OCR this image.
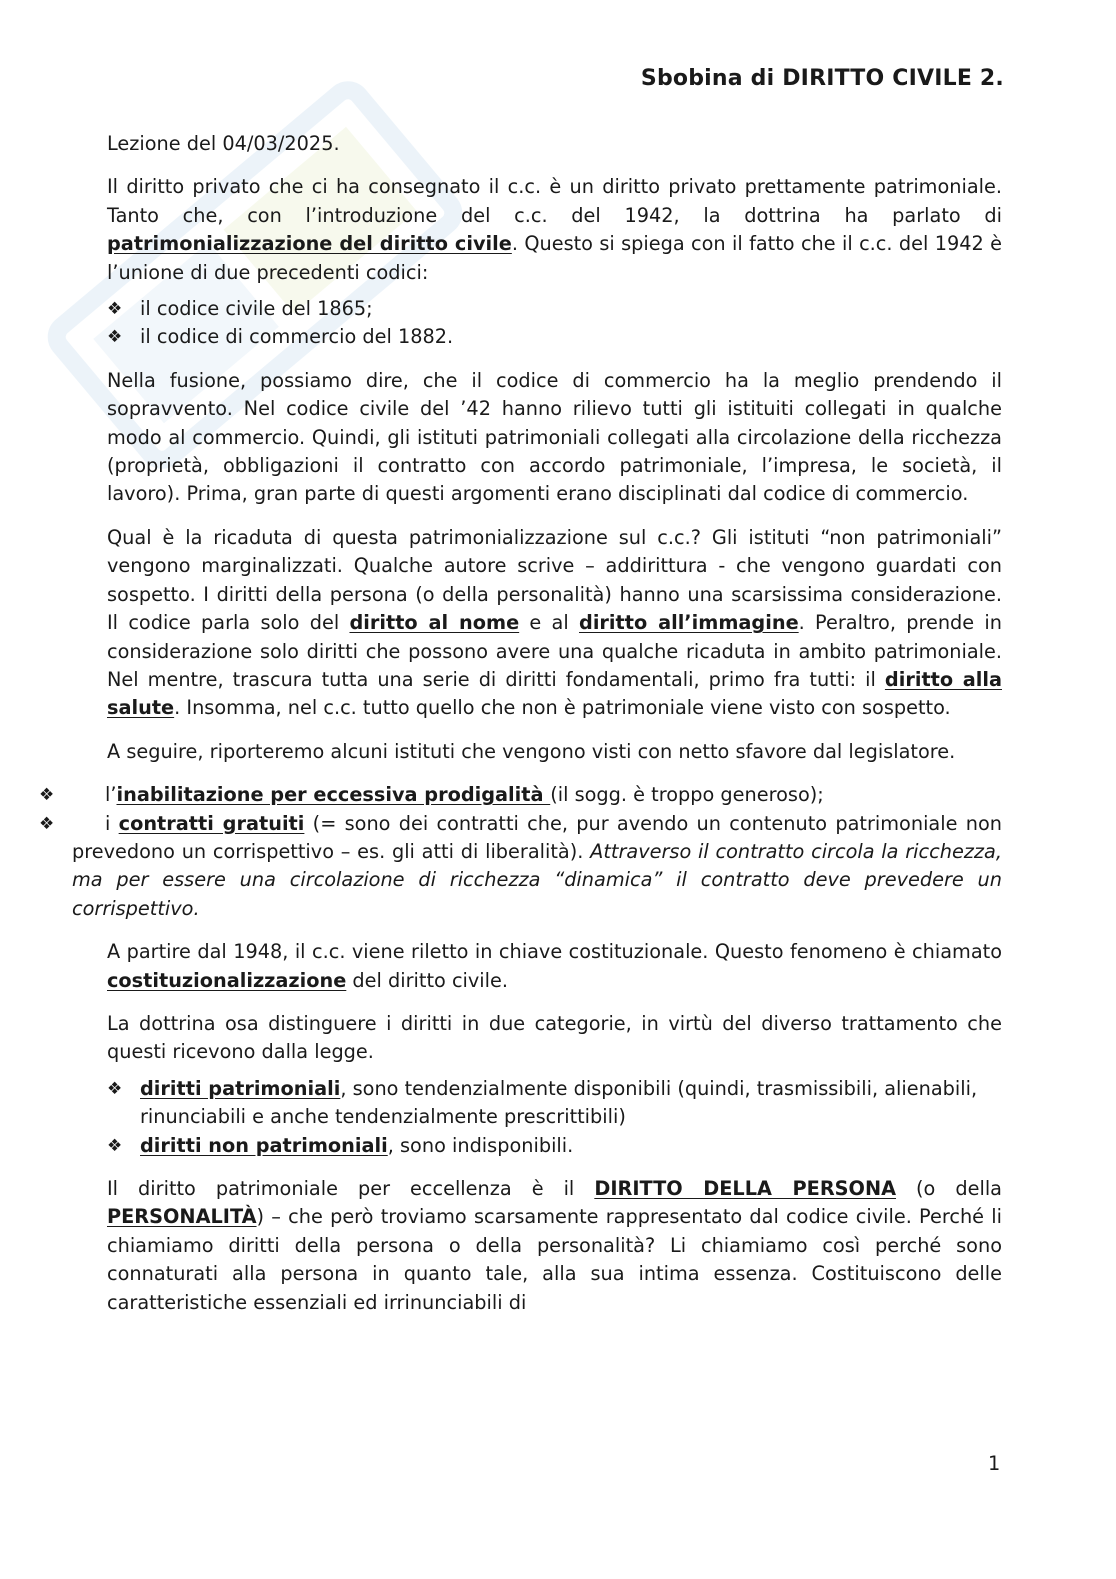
Sbobina di DIRITTO CIVILE 2.

Lezione del 04/03/2025.

Il diritto privato che ci ha consegnato il c.c. è un diritto privato prettamente patrimoniale. Tanto che, con l’introduzione del c.c. del 1942, la dottrina ha parlato di patrimonializzazione del diritto civile. Questo si spiega con il fatto che il c.c. del 1942 è l’unione di due precedenti codici:

❖ il codice civile del 1865;
❖ il codice di commercio del 1882.

Nella fusione, possiamo dire, che il codice di commercio ha la meglio prendendo il sopravvento. Nel codice civile del ’42 hanno rilievo tutti gli istituiti collegati in qualche modo al commercio. Quindi, gli istituti patrimoniali collegati alla circolazione della ricchezza (proprietà, obbligazioni il contratto con accordo patrimoniale, l’impresa, le società, il lavoro). Prima, gran parte di questi argomenti erano disciplinati dal codice di commercio.

Qual è la ricaduta di questa patrimonializzazione sul c.c.? Gli istituti “non patrimoniali” vengono marginalizzati. Qualche autore scrive – addirittura - che vengono guardati con sospetto. I diritti della persona (o della personalità) hanno una scarsissima considerazione. Il codice parla solo del diritto al nome e al diritto all’immagine. Peraltro, prende in considerazione solo diritti che possono avere una qualche ricaduta in ambito patrimoniale. Nel mentre, trascura tutta una serie di diritti fondamentali, primo fra tutti: il diritto alla salute. Insomma, nel c.c. tutto quello che non è patrimoniale viene visto con sospetto.

A seguire, riporteremo alcuni istituti che vengono visti con netto sfavore dal legislatore.

❖	l’inabilitazione per eccessiva prodigalità (il sogg. è troppo generoso);
❖	i contratti gratuiti (= sono dei contratti che, pur avendo un contenuto patrimoniale non prevedono un corrispettivo – es. gli atti di liberalità). Attraverso il contratto circola la ricchezza, ma per essere una circolazione di ricchezza “dinamica” il contratto deve prevedere un corrispettivo.

A partire dal 1948, il c.c. viene riletto in chiave costituzionale. Questo fenomeno è chiamato costituzionalizzazione del diritto civile.

La dottrina osa distinguere i diritti in due categorie, in virtù del diverso trattamento che questi ricevono dalla legge.

❖ diritti patrimoniali, sono tendenzialmente disponibili (quindi, trasmissibili, alienabili, rinunciabili e anche tendenzialmente prescrittibili)
❖ diritti non patrimoniali, sono indisponibili.

Il diritto patrimoniale per eccellenza è il DIRITTO DELLA PERSONA (o della PERSONALITÀ) – che però troviamo scarsamente rappresentato dal codice civile. Perché li chiamiamo diritti della persona o della personalità? Li chiamiamo così perché sono connaturati alla persona in quanto tale, alla sua intima essenza. Costituiscono delle caratteristiche essenziali ed irrinunciabili di

1
